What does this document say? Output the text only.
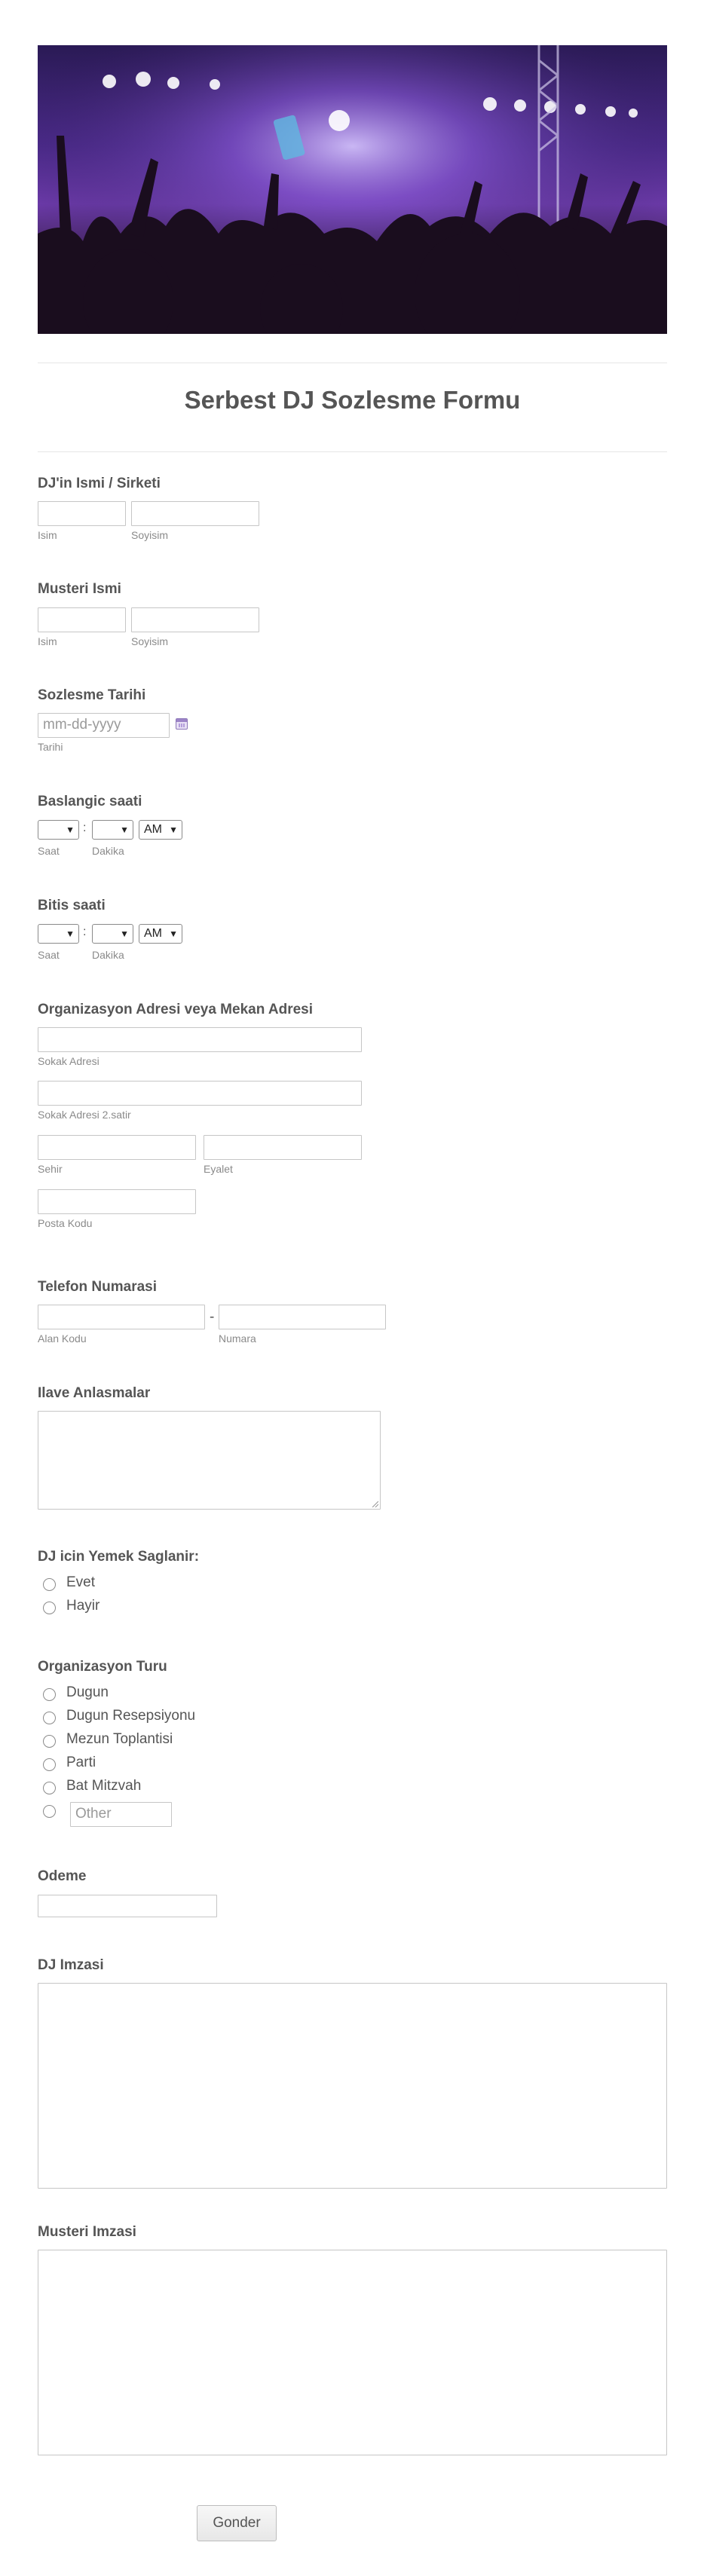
Serbest DJ Sozlesme Formu
DJ'in Ismi / Sirketi
Isim	Soyisim
Musteri Ismi
Isim	Soyisim
Sozlesme Tarihi
mm-dd-yyyy
Tarihi
Baslangic saati
▼ :	▼ AM ▼
Saat	Dakika
Bitis saati
▼ :	▼ AM ▼
Saat	Dakika
Organizasyon Adresi veya Mekan Adresi
Sokak Adresi
Sokak Adresi 2.satir
Sehir	Eyalet
Posta Kodu
Telefon Numarasi
-
Alan Kodu	Numara
Ilave Anlasmalar
DJ icin Yemek Saglanir:
Evet
Hayir
Organizasyon Turu
Dugun
Dugun Resepsiyonu
Mezun Toplantisi
Parti
Bat Mitzvah
Other
Odeme
DJ Imzasi
Musteri Imzasi
Gonder
